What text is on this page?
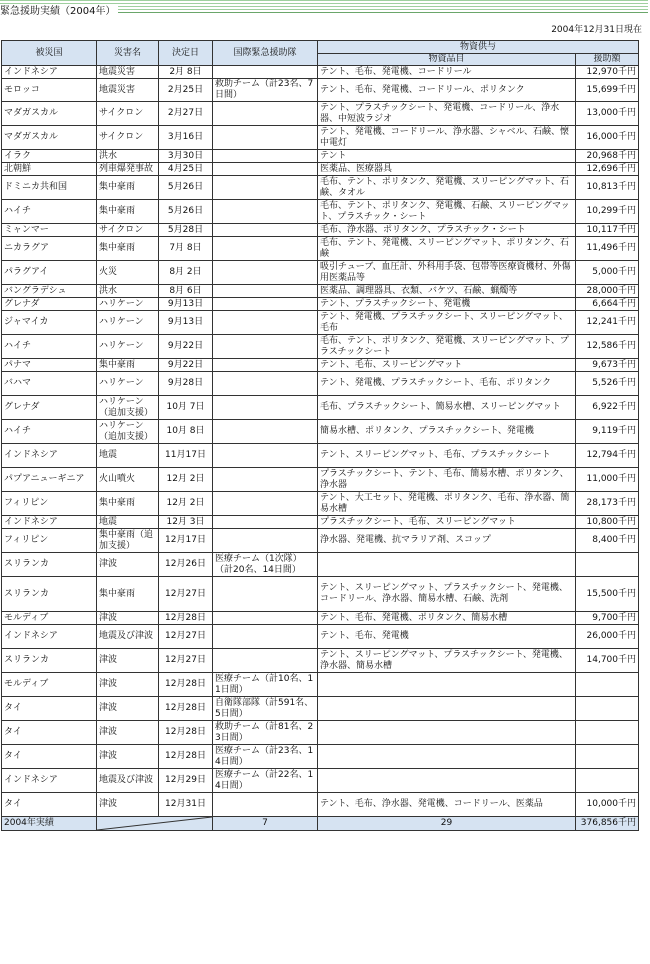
緊急援助実績（2004年）
2004年12月31日現在
被災国	災害名	決定日	国際緊急援助隊	物資供与	
				物資品目	援助額
インドネシア	地震災害	2月 8日		テント、毛布、発電機、コードリール	12,970千円
モロッコ	地震災害	2月25日	救助チーム（計23名、7日間）	テント、毛布、発電機、コードリール、ポリタンク	15,699千円
マダガスカル	サイクロン	2月27日		テント、プラスチックシート、発電機、コードリール、浄水器、中短波ラジオ	13,000千円
マダガスカル	サイクロン	3月16日		テント、発電機、コードリール、浄水器、シャベル、石鹸、懐中電灯	16,000千円
イラク	洪水	3月30日		テント	20,968千円
北朝鮮	列車爆発事故	4月25日		医薬品、医療器具	12,696千円
ドミニカ共和国	集中豪雨	5月26日		毛布、テント、ポリタンク、発電機、スリーピングマット、石鹸、タオル	10,813千円
ハイチ	集中豪雨	5月26日		毛布、テント、ポリタンク、発電機、石鹸、スリーピングマット、プラスチック・シート	10,299千円
ミャンマー	サイクロン	5月28日		毛布、浄水器、ポリタンク、プラスチック・シート	10,117千円
ニカラグア	集中豪雨	7月 8日		毛布、テント、発電機、スリーピングマット、ポリタンク、石鹸	11,496千円
パラグアイ	火災	8月 2日		吸引チューブ、血圧計、外科用手袋、包帯等医療資機材、外傷用医薬品等	5,000千円
バングラデシュ	洪水	8月 6日		医薬品、調理器具、衣類、バケツ、石鹸、蝋燭等	28,000千円
グレナダ	ハリケーン	9月13日		テント、プラスチックシート、発電機	6,664千円
ジャマイカ	ハリケーン	9月13日		テント、発電機、プラスチックシート、スリーピングマット、毛布	12,241千円
ハイチ	ハリケーン	9月22日		毛布、テント、ポリタンク、発電機、スリーピングマット、プラスチックシート	12,586千円
パナマ	集中豪雨	9月22日		テント、毛布、スリーピングマット	9,673千円
バハマ	ハリケーン	9月28日		テント、発電機、プラスチックシート、毛布、ポリタンク	5,526千円
グレナダ	ハリケーン（追加支援）	10月 7日		毛布、プラスチックシート、簡易水槽、スリーピングマット	6,922千円
ハイチ	ハリケーン（追加支援）	10月 8日		簡易水槽、ポリタンク、プラスチックシート、発電機	9,119千円
インドネシア	地震	11月17日		テント、スリーピングマット、毛布、プラスチックシート	12,794千円
パプアニューギニア	火山噴火	12月 2日		プラスチックシート、テント、毛布、簡易水槽、ポリタンク、浄水器	11,000千円
フィリピン	集中豪雨	12月 2日		テント、大工セット、発電機、ポリタンク、毛布、浄水器、簡易水槽	28,173千円
インドネシア	地震	12月 3日		プラスチックシート、毛布、スリーピングマット	10,800千円
フィリピン	集中豪雨（追加支援）	12月17日		浄水器、発電機、抗マラリア剤、スコップ	8,400千円
スリランカ	津波	12月26日	医療チーム（1次隊）（計20名、14日間）		
スリランカ	集中豪雨	12月27日		テント、スリーピングマット、プラスチックシート、発電機、コードリール、浄水器、簡易水槽、石鹸、洗剤	15,500千円
モルディブ	津波	12月28日		テント、毛布、発電機、ポリタンク、簡易水槽	9,700千円
インドネシア	地震及び津波	12月27日		テント、毛布、発電機	26,000千円
スリランカ	津波	12月27日		テント、スリーピングマット、プラスチックシート、発電機、浄水器、簡易水槽	14,700千円
モルディブ	津波	12月28日	医療チーム（計10名、11日間）		
タイ	津波	12月28日	自衛隊部隊（計591名、5日間）		
タイ	津波	12月28日	救助チーム（計81名、23日間）		
タイ	津波	12月28日	医療チーム（計23名、14日間）		
インドネシア	地震及び津波	12月29日	医療チーム（計22名、14日間）		
タイ	津波	12月31日		テント、毛布、浄水器、発電機、コードリール、医薬品	10,000千円
2004年実績			7	29	376,856千円
